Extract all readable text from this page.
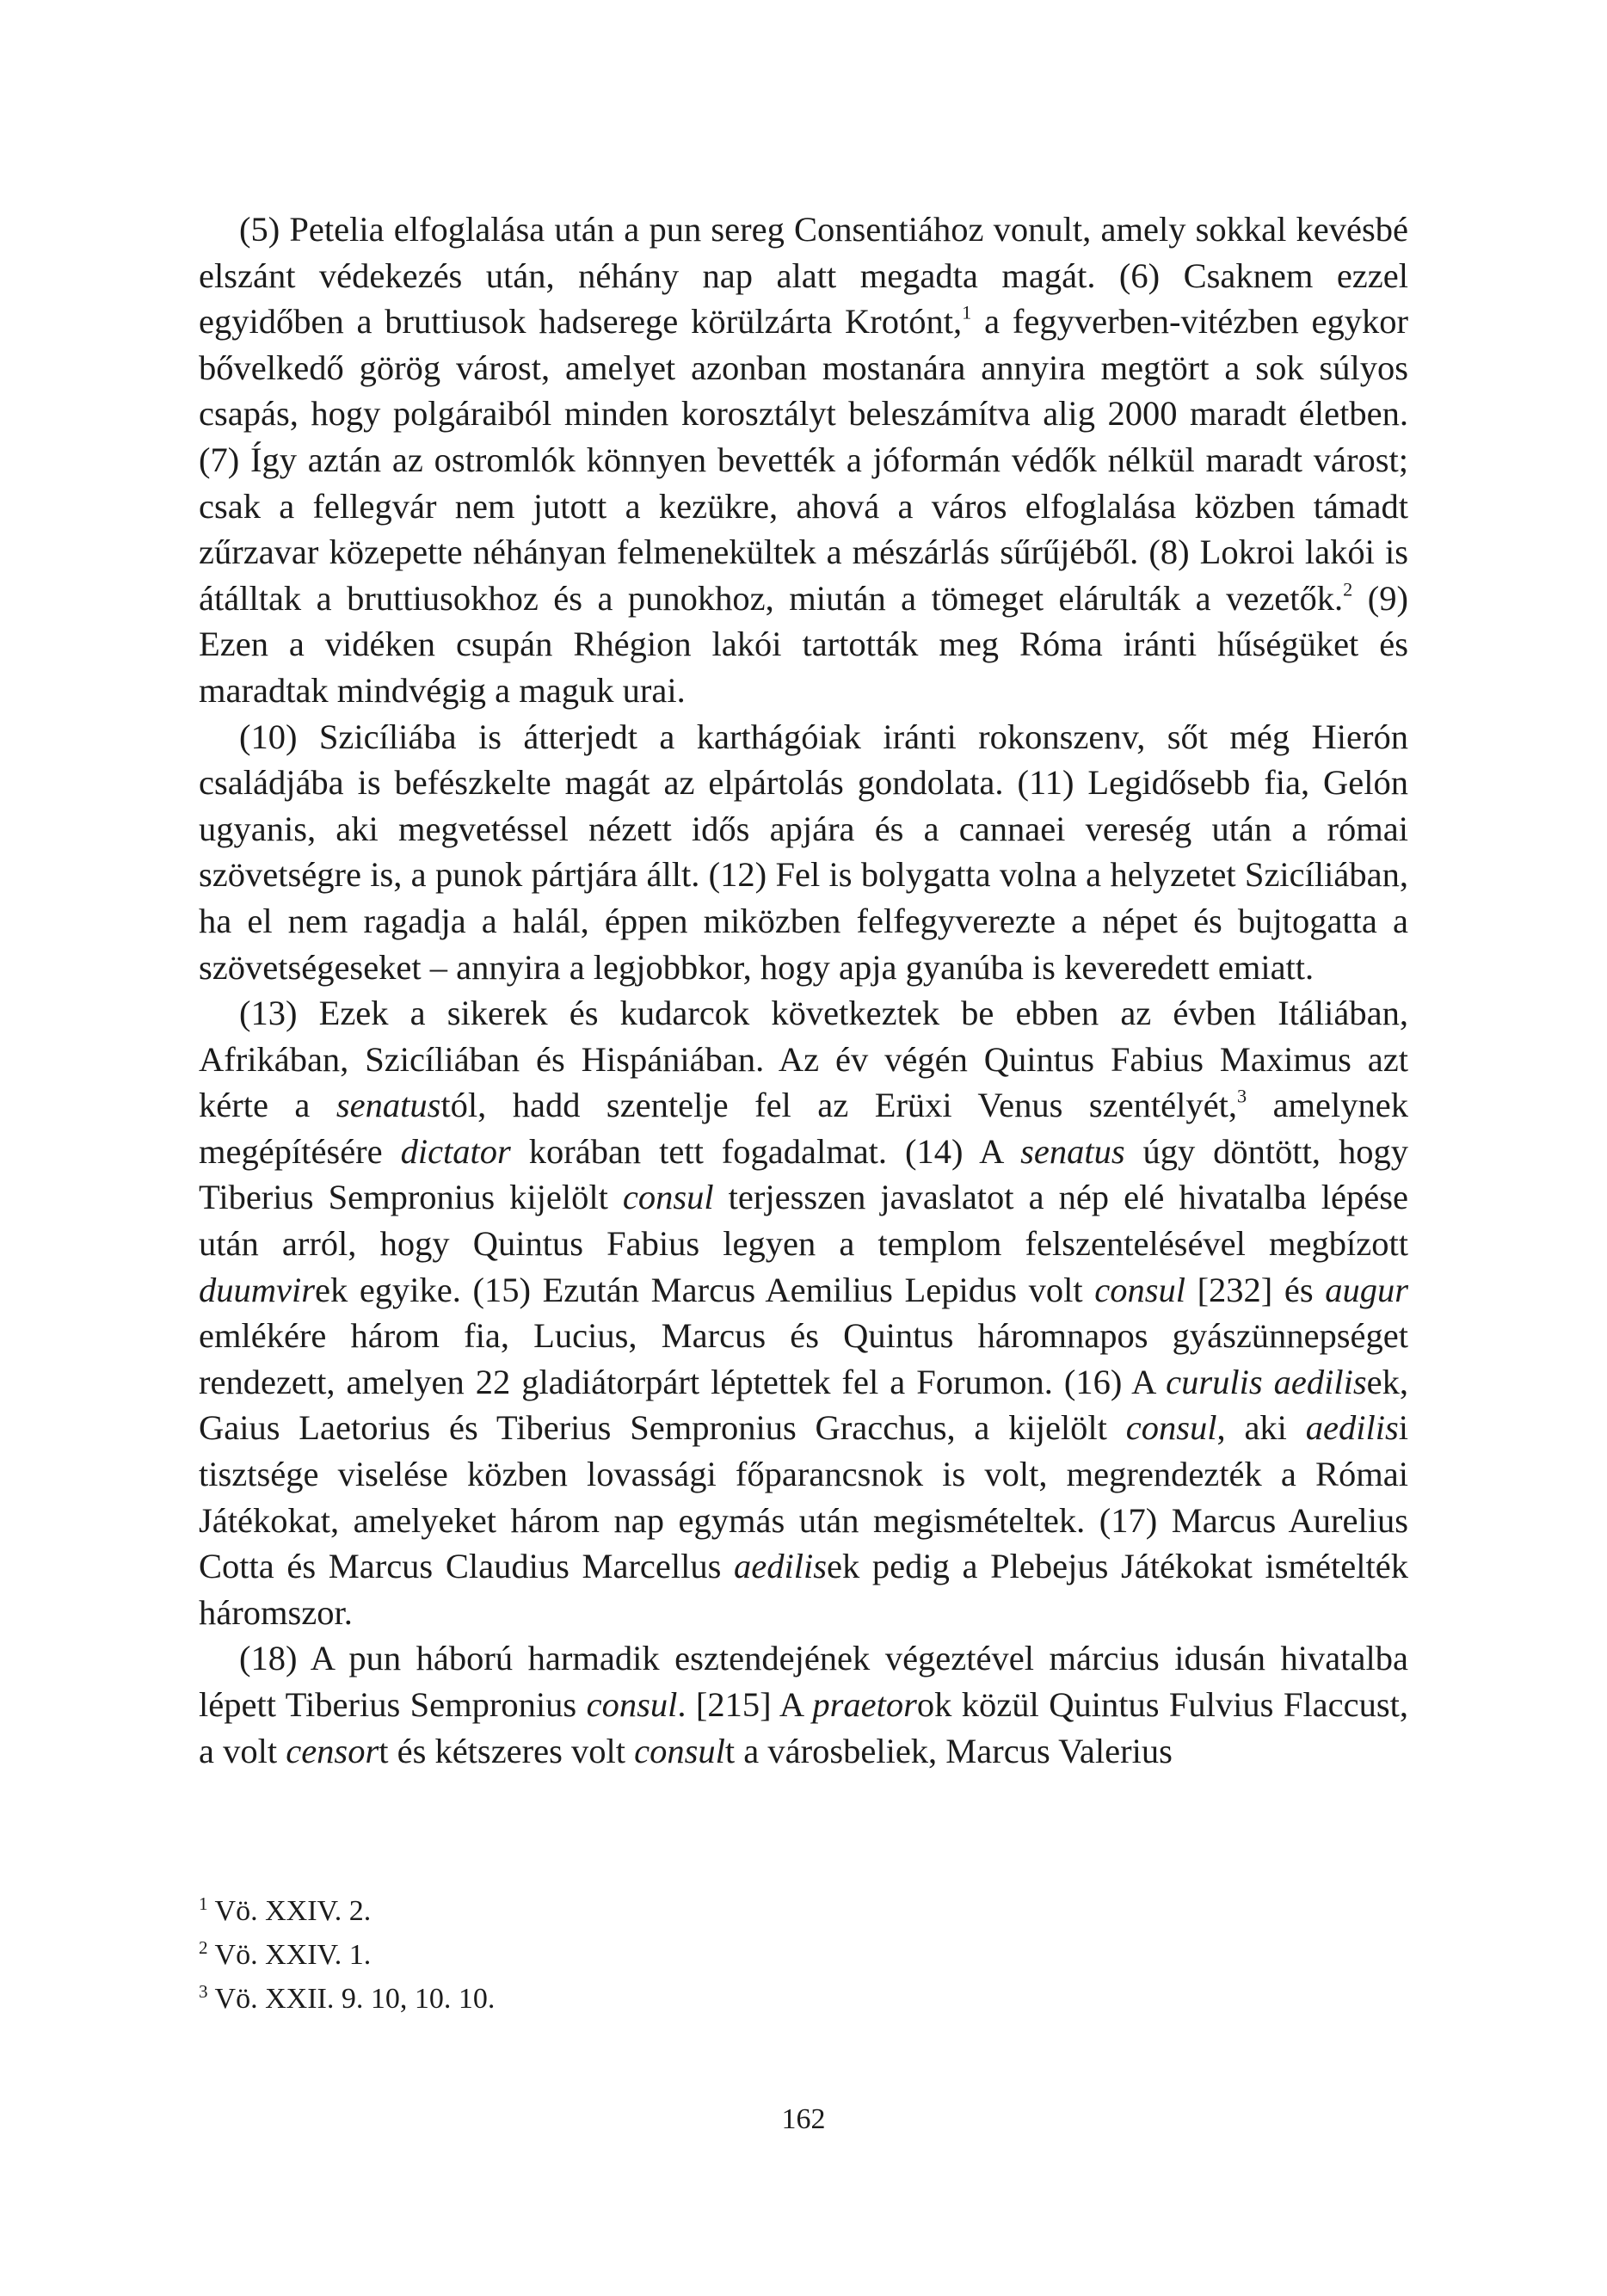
(5) Petelia elfoglalása után a pun sereg Consentiához vonult, amely sokkal kevésbé elszánt védekezés után, néhány nap alatt megadta magát. (6) Csaknem ezzel egyidőben a bruttiusok hadserege körülzárta Krotónt,$^1$ a fegyverben-vitézben egykor bővelkedő görög várost, amelyet azonban mostanára annyira megtört a sok súlyos csapás, hogy polgáraiból minden korosztályt beleszámítva alig 2000 maradt életben. (7) Így aztán az ostromlók könnyen bevették a jóformán védők nélkül maradt várost; csak a fellegvár nem jutott a kezükre, ahová a város elfoglalása közben támadt zűrzavar közepette néhányan felmenekültek a mészárlás sűrűjéből. (8) Lokroi lakói is átálltak a bruttiusokhoz és a punokhoz, miután a tömeget elárulták a vezetők.$^2$ (9) Ezen a vidéken csupán Rhégion lakói tartották meg Róma iránti hűségüket és maradtak mindvégig a maguk urai.

(10) Szicíliába is átterjedt a karthágóiak iránti rokonszenv, sőt még Hierón családjába is befészkelte magát az elpártolás gondolata. (11) Legidősebb fia, Gelón ugyanis, aki megvetéssel nézett idős apjára és a cannaei vereség után a római szövetségre is, a punok pártjára állt. (12) Fel is bolygatta volna a helyzetet Szicíliában, ha el nem ragadja a halál, éppen miközben felfegyverezte a népet és bujtogatta a szövetségeseket – annyira a legjobbkor, hogy apja gyanúba is keveredett emiatt.

(13) Ezek a sikerek és kudarcok következtek be ebben az évben Itáliában, Afrikában, Szicíliában és Hispániában. Az év végén Quintus Fabius Maximus azt kérte a senatustól, hadd szentelje fel az Erüxi Venus szentélyét,$^3$ amelynek megépítésére dictator korában tett fogadalmat. (14) A senatus úgy döntött, hogy Tiberius Sempronius kijelölt consul terjesszen javaslatot a nép elé hivatalba lépése után arról, hogy Quintus Fabius legyen a templom felszentelésével megbízott duumvirek egyike. (15) Ezután Marcus Aemilius Lepidus volt consul [232] és augur emlékére három fia, Lucius, Marcus és Quintus háromnapos gyászünnepséget rendezett, amelyen 22 gladiátorpárt léptettek fel a Forumon. (16) A curulis aedilisek, Gaius Laetorius és Tiberius Sempronius Gracchus, a kijelölt consul, aki aedilisi tisztsége viselése közben lovassági főparancsnok is volt, megrendezték a Római Játékokat, amelyeket három nap egymás után megismételtek. (17) Marcus Aurelius Cotta és Marcus Claudius Marcellus aedilisek pedig a Plebejus Játékokat ismételték háromszor.

(18) A pun háború harmadik esztendejének végeztével március idusán hivatalba lépett Tiberius Sempronius consul. [215] A praetorok közül Quintus Fulvius Flaccust, a volt censort és kétszeres volt consult a városbeliek, Marcus Valerius

$^1$ Vö. XXIV. 2.

$^2$ Vö. XXIV. 1.

$^3$ Vö. XXII. 9. 10, 10. 10.

162
